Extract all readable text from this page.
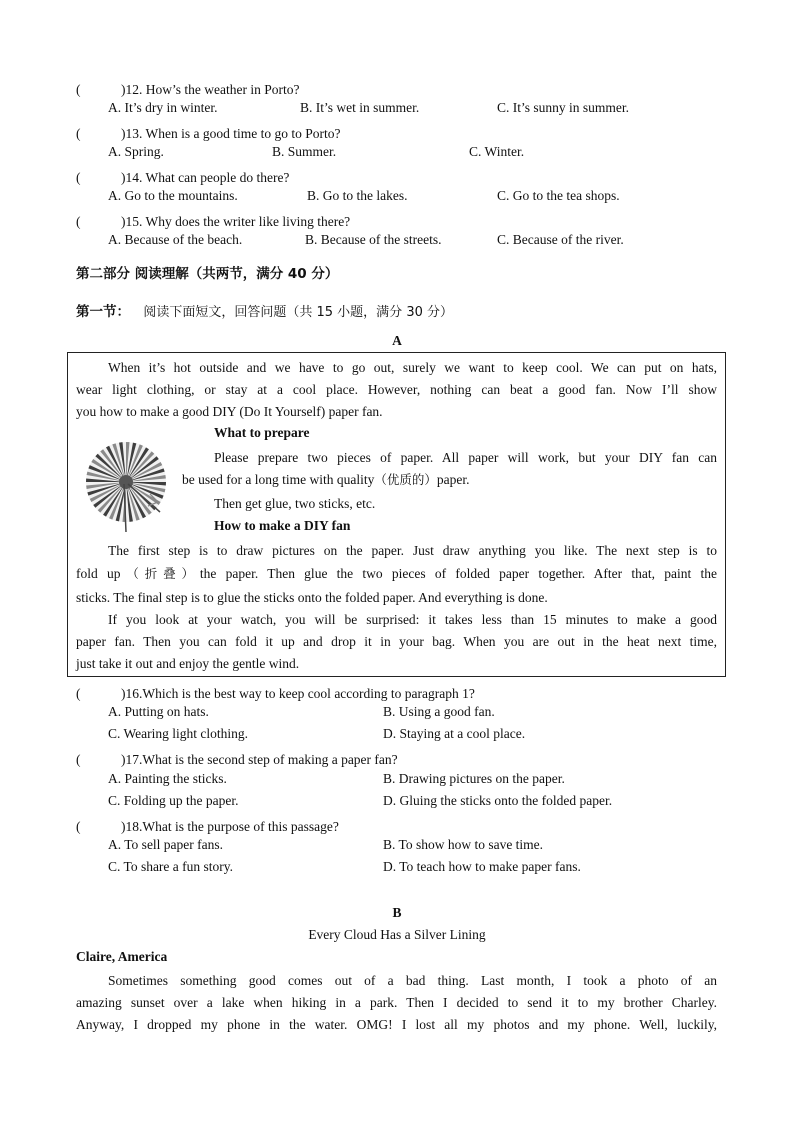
(　　　)12. How’s the weather in Porto?
A. It’s dry in winter.	B. It’s wet in summer.	C. It’s sunny in summer.
(　　　)13. When is a good time to go to Porto?
A. Spring.	B. Summer.	C. Winter.
(　　　)14. What can people do there?
A. Go to the mountains.	B. Go to the lakes.	C. Go to the tea shops.
(　　　)15. Why does the writer like living there?
A. Because of the beach.	B. Because of the streets.	C. Because of the river.
第二部分 阅读理解（共两节，满分 40 分）
第一节： 阅读下面短文，回答问题（共 15 小题，满分 30 分）
A
When it’s hot outside and we have to go out, surely we want to keep cool. We can put on hats,
wear light clothing, or stay at a cool place. However, nothing can beat a good fan. Now I’ll show
you how to make a good DIY (Do It Yourself) paper fan.
What to prepare
Please prepare two pieces of paper. All paper will work, but your DIY fan can
be used for a long time with quality（优质的）paper.
Then get glue, two sticks, etc.
How to make a DIY fan
The first step is to draw pictures on the paper. Just draw anything you like. The next step is to
fold up（折叠）the paper. Then glue the two pieces of folded paper together. After that, paint the
sticks. The final step is to glue the sticks onto the folded paper. And everything is done.
If you look at your watch, you will be surprised: it takes less than 15 minutes to make a good
paper fan. Then you can fold it up and drop it in your bag. When you are out in the heat next time,
just take it out and enjoy the gentle wind.
(　　　)16.Which is the best way to keep cool according to paragraph 1?
A. Putting on hats.	B. Using a good fan.
C. Wearing light clothing.	D. Staying at a cool place.
(　　　)17.What is the second step of making a paper fan?
A. Painting the sticks.	B. Drawing pictures on the paper.
C. Folding up the paper.	D. Gluing the sticks onto the folded paper.
(　　　)18.What is the purpose of this passage?
A. To sell paper fans.	B. To show how to save time.
C. To share a fun story.	D. To teach how to make paper fans.
B
Every Cloud Has a Silver Lining
Claire, America
Sometimes something good comes out of a bad thing. Last month, I took a photo of an
amazing sunset over a lake when hiking in a park. Then I decided to send it to my brother Charley.
Anyway, I dropped my phone in the water. OMG! I lost all my photos and my phone. Well, luckily,
